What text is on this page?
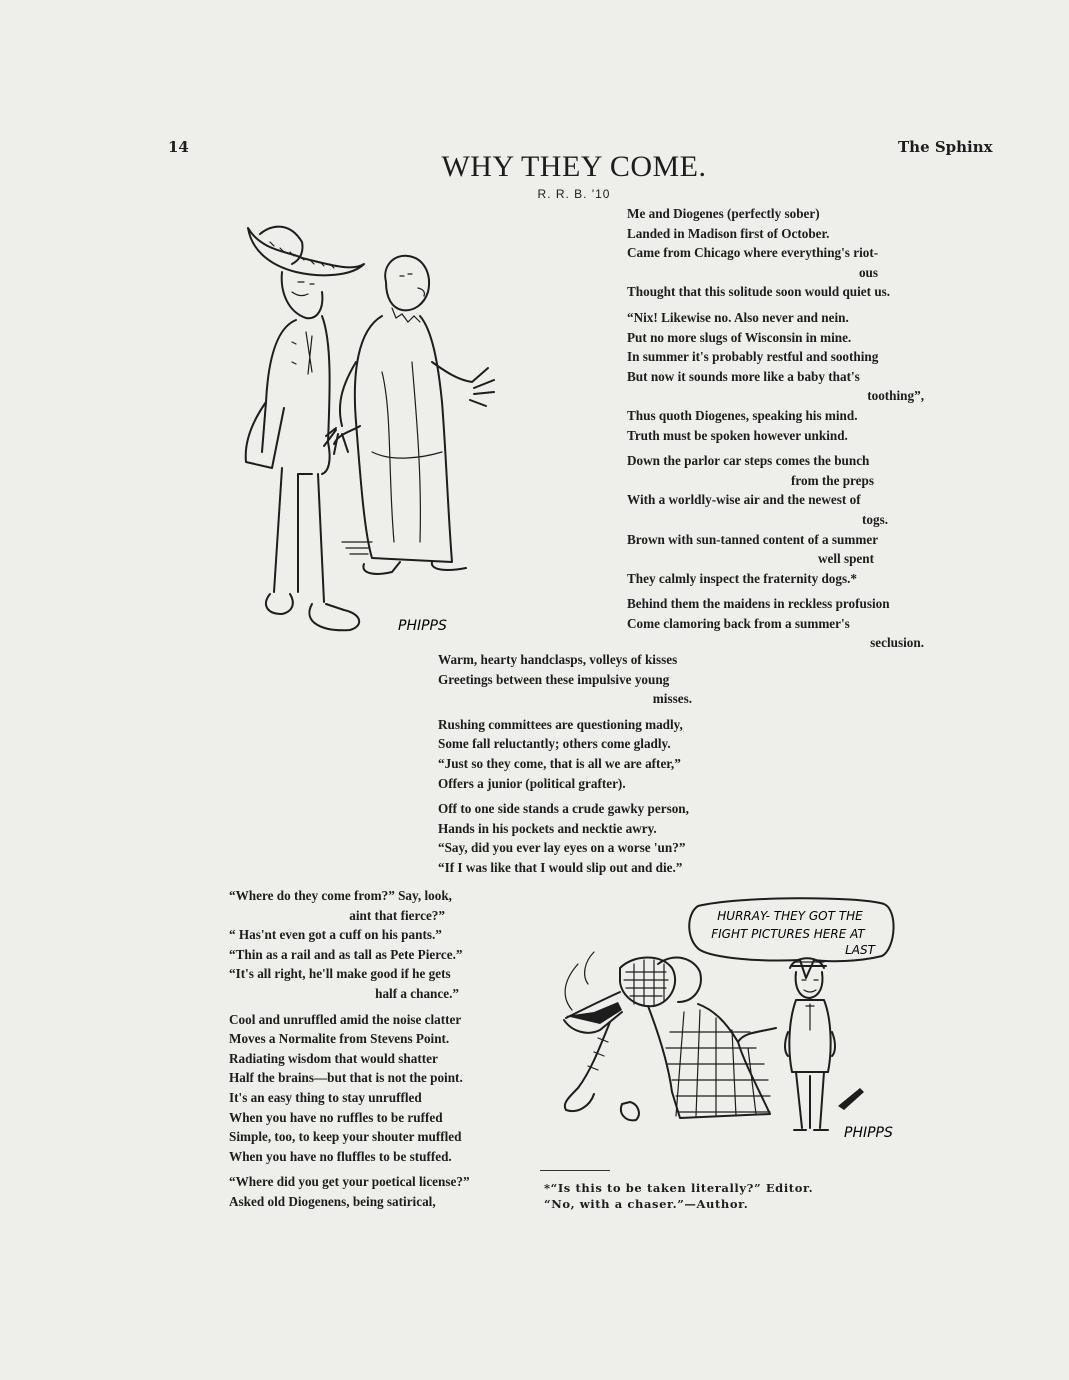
14	The Sphinx
WHY THEY COME.
R. R. B. '10
PHIPPS
Me and Diogenes (perfectly sober)
Landed in Madison first of October.
Came from Chicago where everything's riot-
ous
Thought that this solitude soon would quiet us.
“Nix! Likewise no. Also never and nein.
Put no more slugs of Wisconsin in mine.
In summer it's probably restful and soothing
But now it sounds more like a baby that's
toothing”,
Thus quoth Diogenes, speaking his mind.
Truth must be spoken however unkind.
Down the parlor car steps comes the bunch
from the preps
With a worldly-wise air and the newest of
togs.
Brown with sun-tanned content of a summer
well spent
They calmly inspect the fraternity dogs.*
Behind them the maidens in reckless profusion
Come clamoring back from a summer's
seclusion.
Warm, hearty handclasps, volleys of kisses
Greetings between these impulsive young
misses.
Rushing committees are questioning madly,
Some fall reluctantly; others come gladly.
“Just so they come, that is all we are after,”
Offers a junior (political grafter).
Off to one side stands a crude gawky person,
Hands in his pockets and necktie awry.
“Say, did you ever lay eyes on a worse 'un?”
“If I was like that I would slip out and die.”
“Where do they come from?” Say, look,
aint that fierce?”
“ Has'nt even got a cuff on his pants.”
“Thin as a rail and as tall as Pete Pierce.”
“It's all right, he'll make good if he gets
half a chance.”
Cool and unruffled amid the noise clatter
Moves a Normalite from Stevens Point.
Radiating wisdom that would shatter
Half the brains—but that is not the point.
It's an easy thing to stay unruffled
When you have no ruffles to be ruffed
Simple, too, to keep your shouter muffled
When you have no fluffles to be stuffed.
“Where did you get your poetical license?”
Asked old Diogenens, being satirical,
HURRAY- THEY GOT THE
FIGHT PICTURES HERE AT
LAST
PHIPPS
*“Is this to be taken literally?” Editor.
“No, with a chaser.”—Author.
